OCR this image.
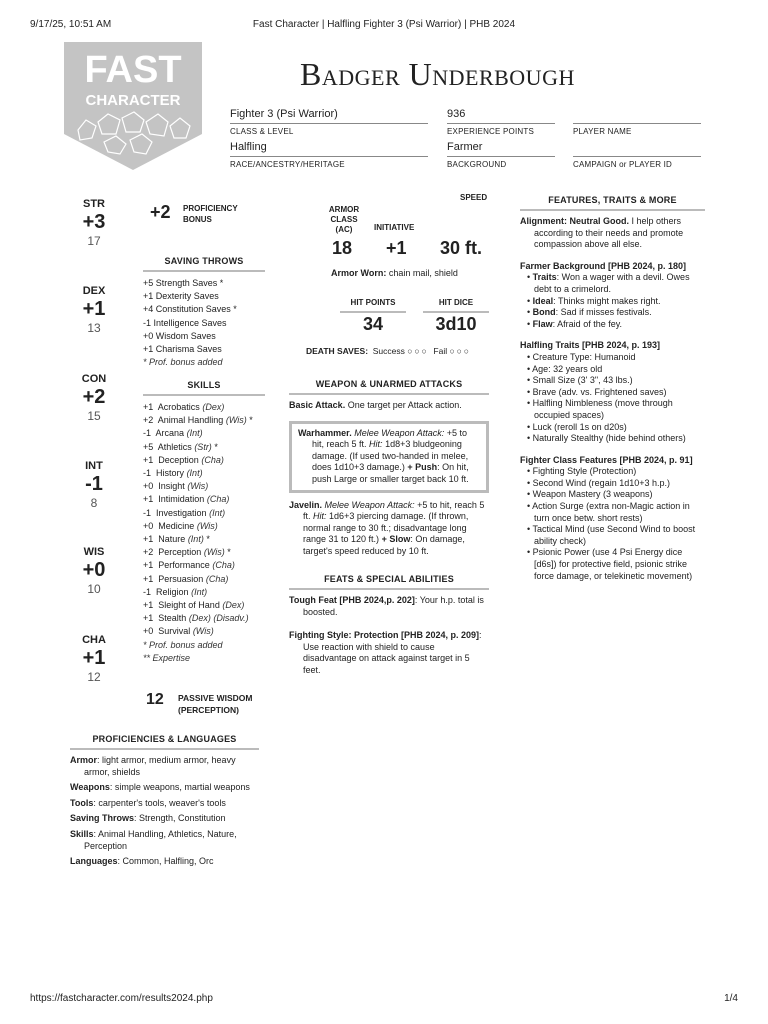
9/17/25, 10:51 AM	Fast Character | Halfling Fighter 3 (Psi Warrior) | PHB 2024
https://fastcharacter.com/results2024.php	1/4
FAST
CHARACTER
Badger Underbough
Fighter 3 (Psi Warrior)
CLASS & LEVEL
936
EXPERIENCE POINTS	PLAYER NAME
Halfling
RACE/ANCESTRY/HERITAGE
Farmer
BACKGROUND	CAMPAIGN or PLAYER ID
STR
+3
17
DEX
+1
13
CON
+2
15
INT
-1
8
WIS
+0
10
CHA
+1
12
+2 PROFICIENCY
BONUS
SAVING THROWS
+5 Strength Saves *
+1 Dexterity Saves
+4 Constitution Saves *
-1 Intelligence Saves
+0 Wisdom Saves
+1 Charisma Saves
* Prof. bonus added
SKILLS
+1 Acrobatics (Dex)
+2 Animal Handling (Wis) *
-1 Arcana (Int)
+5 Athletics (Str) *
+1 Deception (Cha)
-1 History (Int)
+0 Insight (Wis)
+1 Intimidation (Cha)
-1 Investigation (Int)
+0 Medicine (Wis)
+1 Nature (Int) *
+2 Perception (Wis) *
+1 Performance (Cha)
+1 Persuasion (Cha)
-1 Religion (Int)
+1 Sleight of Hand (Dex)
+1 Stealth (Dex) (Disadv.)
+0 Survival (Wis)
* Prof. bonus added
** Expertise
12 PASSIVE WISDOM
(PERCEPTION)
PROFICIENCIES & LANGUAGES
Armor: light armor, medium armor, heavy armor, shields
Weapons: simple weapons, martial weapons
Tools: carpenter's tools, weaver's tools
Saving Throws: Strength, Constitution
Skills: Animal Handling, Athletics, Nature, Perception
Languages: Common, Halfling, Orc
ARMOR
CLASS
(AC)	INITIATIVE
SPEED
18 +1 30 ft.
Armor Worn: chain mail, shield
HIT POINTS	HIT DICE
34	3d10
DEATH SAVES: Success ○○○ Fail ○○○
WEAPON & UNARMED ATTACKS
Basic Attack. One target per Attack action.
Warhammer. Melee Weapon Attack: +5 to hit, reach 5 ft. Hit: 1d8+3 bludgeoning damage. (If used two-handed in melee, does 1d10+3 damage.) + Push: On hit, push Large or smaller target back 10 ft.
Javelin. Melee Weapon Attack: +5 to hit, reach 5 ft. Hit: 1d6+3 piercing damage. (If thrown, normal range to 30 ft.; disadvantage long range 31 to 120 ft.) + Slow: On damage, target's speed reduced by 10 ft.
FEATS & SPECIAL ABILITIES
Tough Feat [PHB 2024,p. 202]: Your h.p. total is boosted.
Fighting Style: Protection [PHB 2024, p. 209]: Use reaction with shield to cause disadvantage on attack against target in 5 feet.
FEATURES, TRAITS & MORE
Alignment: Neutral Good. I help others according to their needs and promote compassion above all else.
Farmer Background [PHB 2024, p. 180]
• Traits: Won a wager with a devil. Owes debt to a crimelord.
• Ideal: Thinks might makes right.
• Bond: Sad if misses festivals.
• Flaw: Afraid of the fey.
Halfling Traits [PHB 2024, p. 193]
• Creature Type: Humanoid
• Age: 32 years old
• Small Size (3' 3", 43 lbs.)
• Brave (adv. vs. Frightened saves)
• Halfling Nimbleness (move through occupied spaces)
• Luck (reroll 1s on d20s)
• Naturally Stealthy (hide behind others)
Fighter Class Features [PHB 2024, p. 91]
• Fighting Style (Protection)
• Second Wind (regain 1d10+3 h.p.)
• Weapon Mastery (3 weapons)
• Action Surge (extra non-Magic action in turn once betw. short rests)
• Tactical Mind (use Second Wind to boost ability check)
• Psionic Power (use 4 Psi Energy dice [d6s]) for protective field, psionic strike force damage, or telekinetic movement)
